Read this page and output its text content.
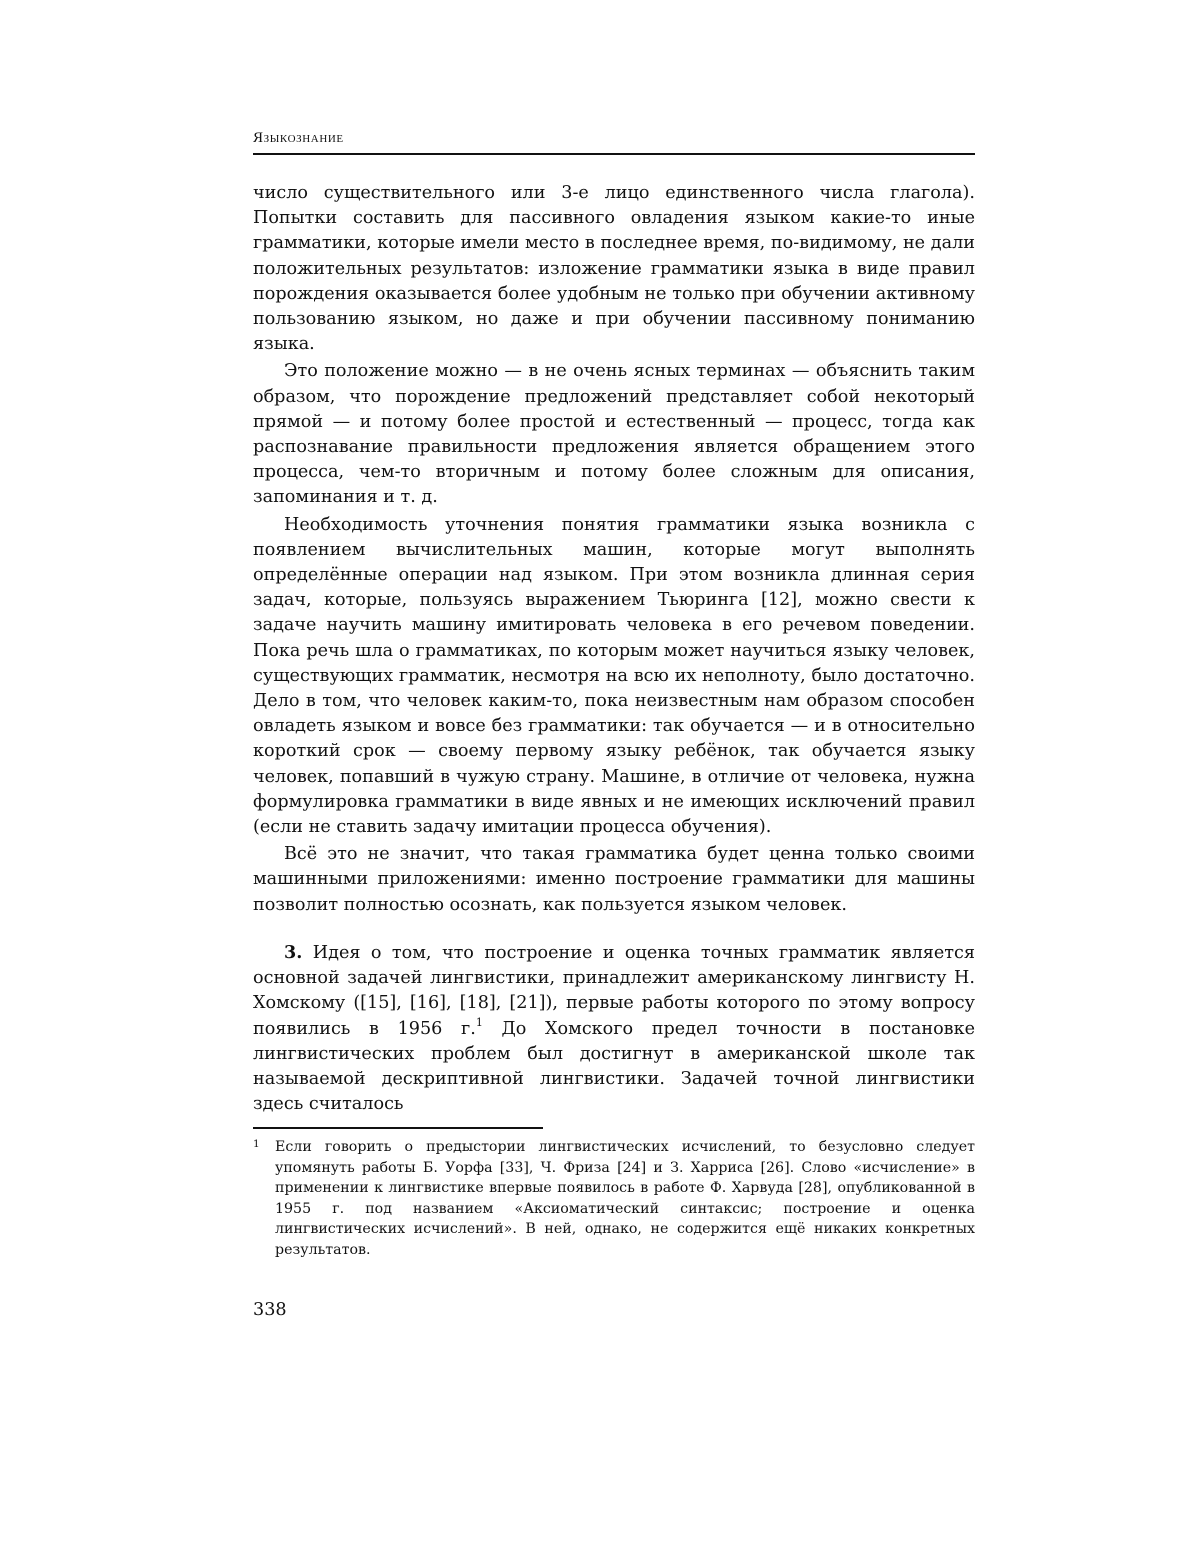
Языкознание

число существительного или 3-е лицо единственного числа глагола). Попытки составить для пассивного овладения языком какие-то иные грамматики, которые имели место в последнее время, по-видимому, не дали положительных результатов: изложение грамматики языка в виде правил порождения оказывается более удобным не только при обучении активному пользованию языком, но даже и при обучении пассивному пониманию языка.

Это положение можно — в не очень ясных терминах — объяснить таким образом, что порождение предложений представляет собой некоторый прямой — и потому более простой и естественный — процесс, тогда как распознавание правильности предложения является обращением этого процесса, чем-то вторичным и потому более сложным для описания, запоминания и т. д.

Необходимость уточнения понятия грамматики языка возникла с появлением вычислительных машин, которые могут выполнять определённые операции над языком. При этом возникла длинная серия задач, которые, пользуясь выражением Тьюринга [12], можно свести к задаче научить машину имитировать человека в его речевом поведении. Пока речь шла о грамматиках, по которым может научиться языку человек, существующих грамматик, несмотря на всю их неполноту, было достаточно. Дело в том, что человек каким-то, пока неизвестным нам образом способен овладеть языком и вовсе без грамматики: так обучается — и в относительно короткий срок — своему первому языку ребёнок, так обучается языку человек, попавший в чужую страну. Машине, в отличие от человека, нужна формулировка грамматики в виде явных и не имеющих исключений правил (если не ставить задачу имитации процесса обучения).

Всё это не значит, что такая грамматика будет ценна только своими машинными приложениями: именно построение грамматики для машины позволит полностью осознать, как пользуется языком человек.

3. Идея о том, что построение и оценка точных грамматик является основной задачей лингвистики, принадлежит американскому лингвисту Н. Хомскому ([15], [16], [18], [21]), первые работы которого по этому вопросу появились в 1956 г.$^1$ До Хомского предел точности в постановке лингвистических проблем был достигнут в американской школе так называемой дескриптивной лингвистики. Задачей точной лингвистики здесь считалось

1 Если говорить о предыстории лингвистических исчислений, то безусловно следует упомянуть работы Б. Уорфа [33], Ч. Фриза [24] и З. Харриса [26]. Слово «исчисление» в применении к лингвистике впервые появилось в работе Ф. Харвуда [28], опубликованной в 1955 г. под названием «Аксиоматический синтаксис; построение и оценка лингвистических исчислений». В ней, однако, не содержится ещё никаких конкретных результатов.
338
